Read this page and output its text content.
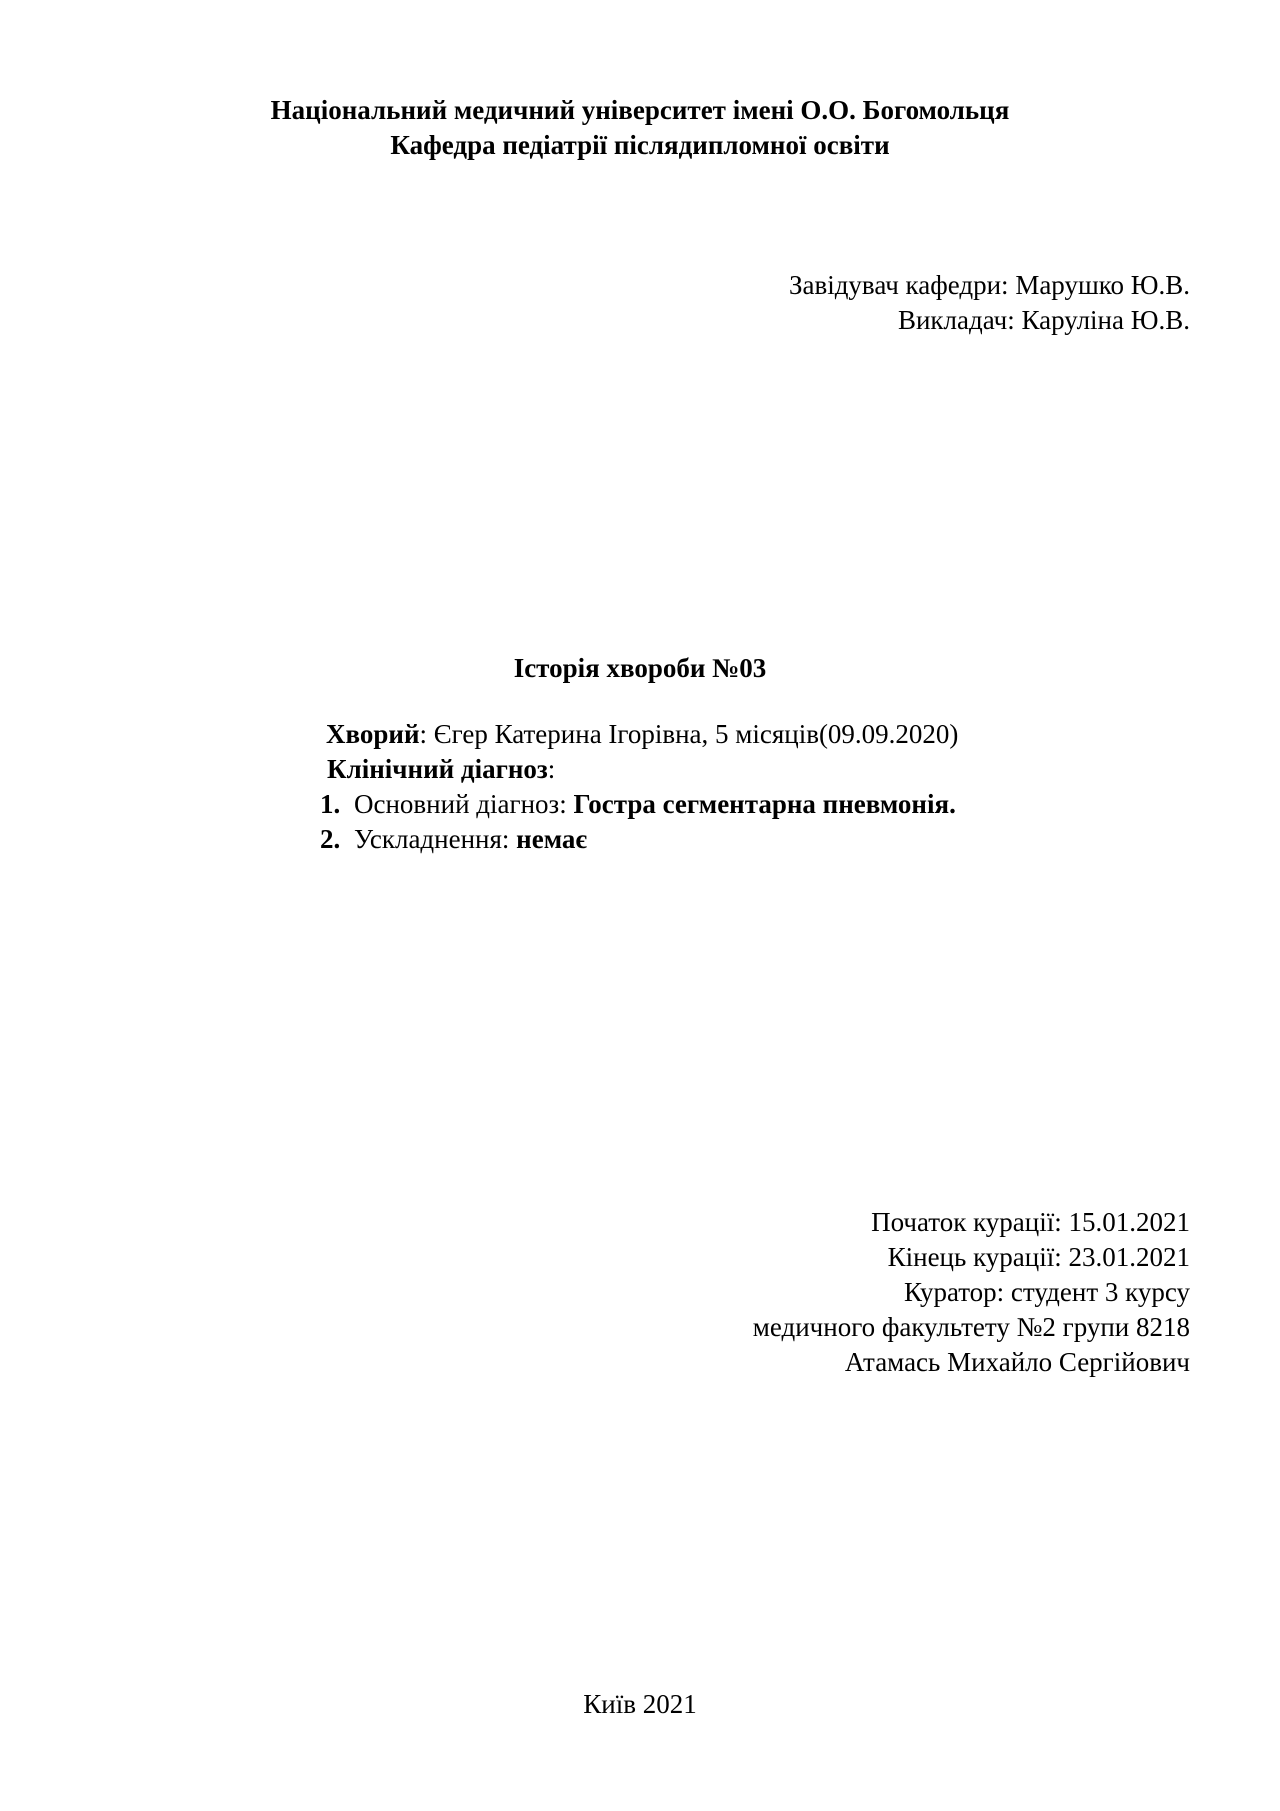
Національний медичний університет імені О.О. Богомольця
Кафедра педіатрії післядипломної освіти
Завідувач кафедри: Марушко Ю.В.
Викладач: Каруліна Ю.В.
Історія хвороби №03
Хворий: Єгер Катерина Ігорівна, 5 місяців(09.09.2020)
Клінічний діагноз:
1. Основний діагноз: Гостра сегментарна пневмонія.
2. Ускладнення: немає
Початок курації: 15.01.2021
Кінець курації: 23.01.2021
Куратор: студент 3 курсу
медичного факультету №2 групи 8218
Атамась Михайло Сергійович
Київ 2021
